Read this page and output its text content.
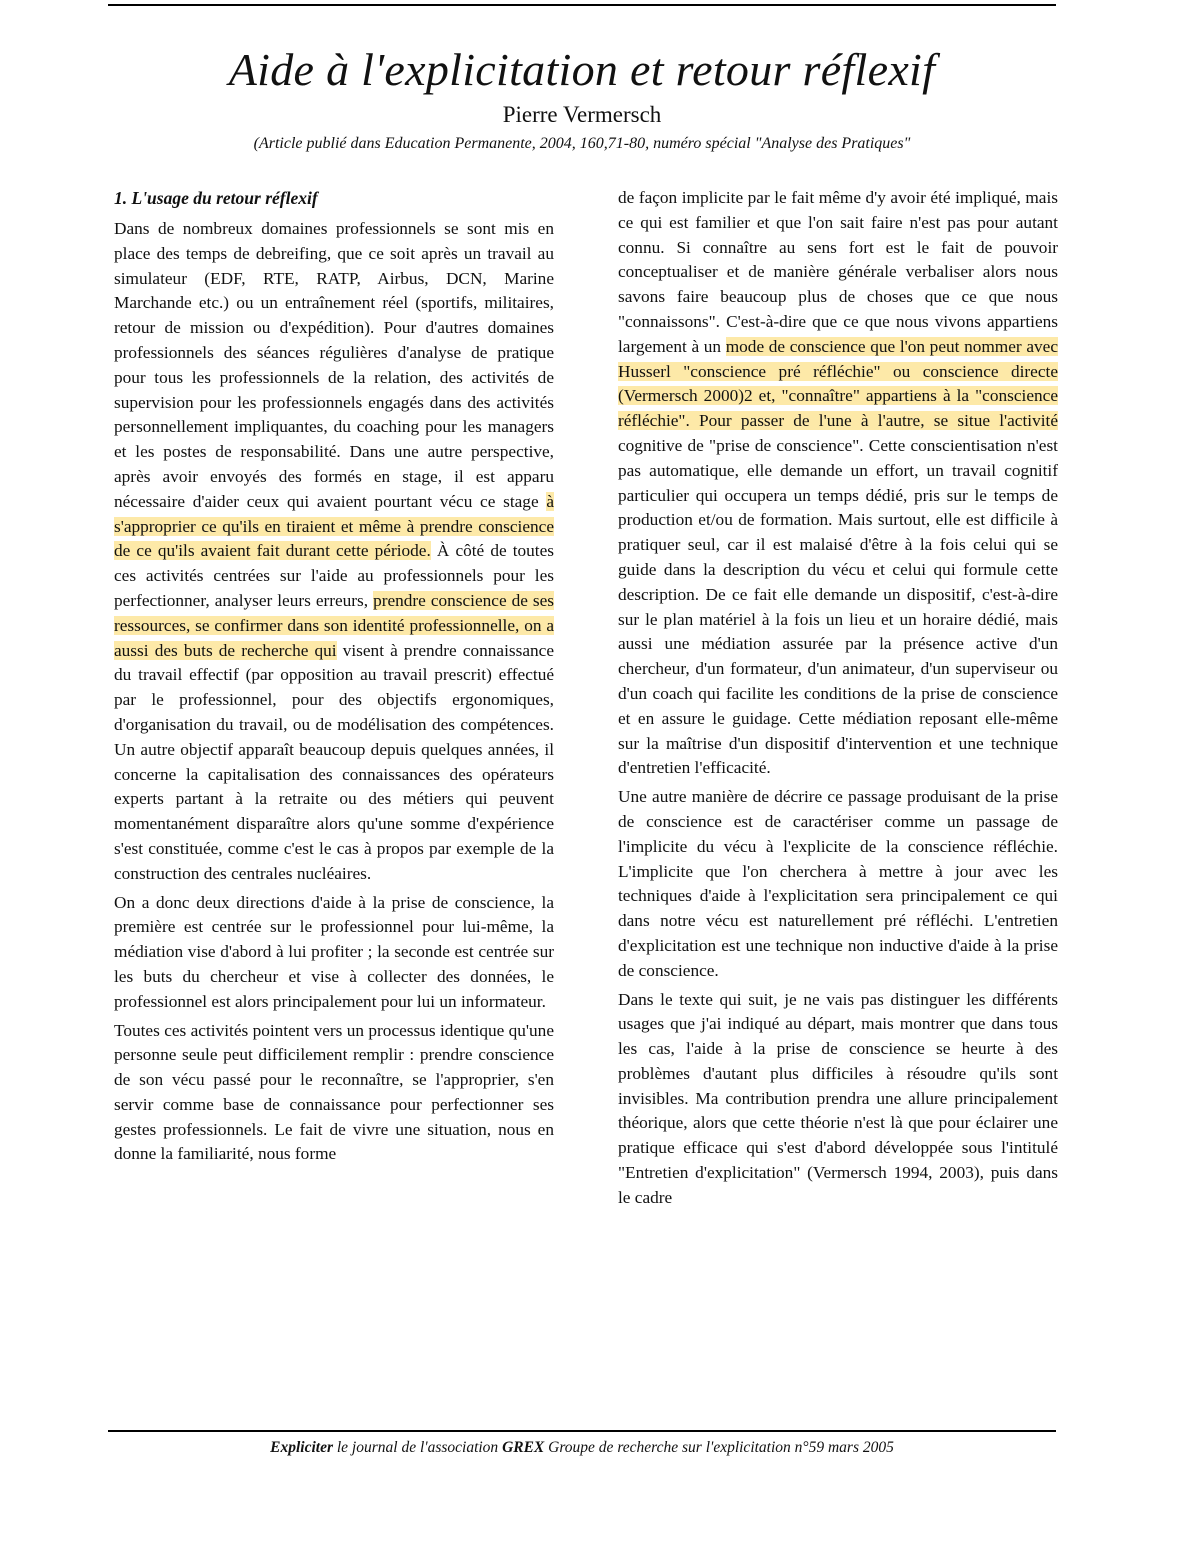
Aide à l'explicitation et retour réflexif
Pierre Vermersch
(Article publié dans Education Permanente, 2004, 160,71-80, numéro spécial "Analyse des Pratiques"
1. L'usage du retour réflexif

Dans de nombreux domaines professionnels se sont mis en place des temps de debreifing, que ce soit après un travail au simulateur (EDF, RTE, RATP, Airbus, DCN, Marine Marchande etc.) ou un entraînement réel (sportifs, militaires, retour de mission ou d'expédition). Pour d'autres domaines professionnels des séances régulières d'analyse de pratique pour tous les professionnels de la relation, des activités de supervision pour les professionnels engagés dans des activités personnellement impliquantes, du coaching pour les managers et les postes de responsabilité. Dans une autre perspective, après avoir envoyés des formés en stage, il est apparu nécessaire d'aider ceux qui avaient pourtant vécu ce stage à s'approprier ce qu'ils en tiraient et même à prendre conscience de ce qu'ils avaient fait durant cette période. À côté de toutes ces activités centrées sur l'aide au professionnels pour les perfectionner, analyser leurs erreurs, prendre conscience de ses ressources, se confirmer dans son identité professionnelle, on a aussi des buts de recherche qui visent à prendre connaissance du travail effectif (par opposition au travail prescrit) effectué par le professionnel, pour des objectifs ergonomiques, d'organisation du travail, ou de modélisation des compétences. Un autre objectif apparaît beaucoup depuis quelques années, il concerne la capitalisation des connaissances des opérateurs experts partant à la retraite ou des métiers qui peuvent momentanément disparaître alors qu'une somme d'expérience s'est constituée, comme c'est le cas à propos par exemple de la construction des centrales nucléaires.

On a donc deux directions d'aide à la prise de conscience, la première est centrée sur le professionnel pour lui-même, la médiation vise d'abord à lui profiter ; la seconde est centrée sur les buts du chercheur et vise à collecter des données, le professionnel est alors principalement pour lui un informateur.

Toutes ces activités pointent vers un processus identique qu'une personne seule peut difficilement remplir : prendre conscience de son vécu passé pour le reconnaître, se l'approprier, s'en servir comme base de connaissance pour perfectionner ses gestes professionnels. Le fait de vivre une situation, nous en donne la familiarité, nous forme

de façon implicite par le fait même d'y avoir été impliqué, mais ce qui est familier et que l'on sait faire n'est pas pour autant connu. Si connaître au sens fort est le fait de pouvoir conceptualiser et de manière générale verbaliser alors nous savons faire beaucoup plus de choses que ce que nous "connaissons". C'est-à-dire que ce que nous vivons appartiens largement à un mode de conscience que l'on peut nommer avec Husserl "conscience pré réfléchie" ou conscience directe (Vermersch 2000)2 et, "connaître" appartiens à la "conscience réfléchie". Pour passer de l'une à l'autre, se situe l'activité cognitive de "prise de conscience". Cette conscientisation n'est pas automatique, elle demande un effort, un travail cognitif particulier qui occupera un temps dédié, pris sur le temps de production et/ou de formation. Mais surtout, elle est difficile à pratiquer seul, car il est malaisé d'être à la fois celui qui se guide dans la description du vécu et celui qui formule cette description. De ce fait elle demande un dispositif, c'est-à-dire sur le plan matériel à la fois un lieu et un horaire dédié, mais aussi une médiation assurée par la présence active d'un chercheur, d'un formateur, d'un animateur, d'un superviseur ou d'un coach qui facilite les conditions de la prise de conscience et en assure le guidage. Cette médiation reposant elle-même sur la maîtrise d'un dispositif d'intervention et une technique d'entretien l'efficacité.

Une autre manière de décrire ce passage produisant de la prise de conscience est de caractériser comme un passage de l'implicite du vécu à l'explicite de la conscience réfléchie. L'implicite que l'on cherchera à mettre à jour avec les techniques d'aide à l'explicitation sera principalement ce qui dans notre vécu est naturellement pré réfléchi. L'entretien d'explicitation est une technique non inductive d'aide à la prise de conscience.

Dans le texte qui suit, je ne vais pas distinguer les différents usages que j'ai indiqué au départ, mais montrer que dans tous les cas, l'aide à la prise de conscience se heurte à des problèmes d'autant plus difficiles à résoudre qu'ils sont invisibles. Ma contribution prendra une allure principalement théorique, alors que cette théorie n'est là que pour éclairer une pratique efficace qui s'est d'abord développée sous l'intitulé "Entretien d'explicitation" (Vermersch 1994, 2003), puis dans le cadre

Expliciter le journal de l'association GREX Groupe de recherche sur l'explicitation n°59 mars 2005
